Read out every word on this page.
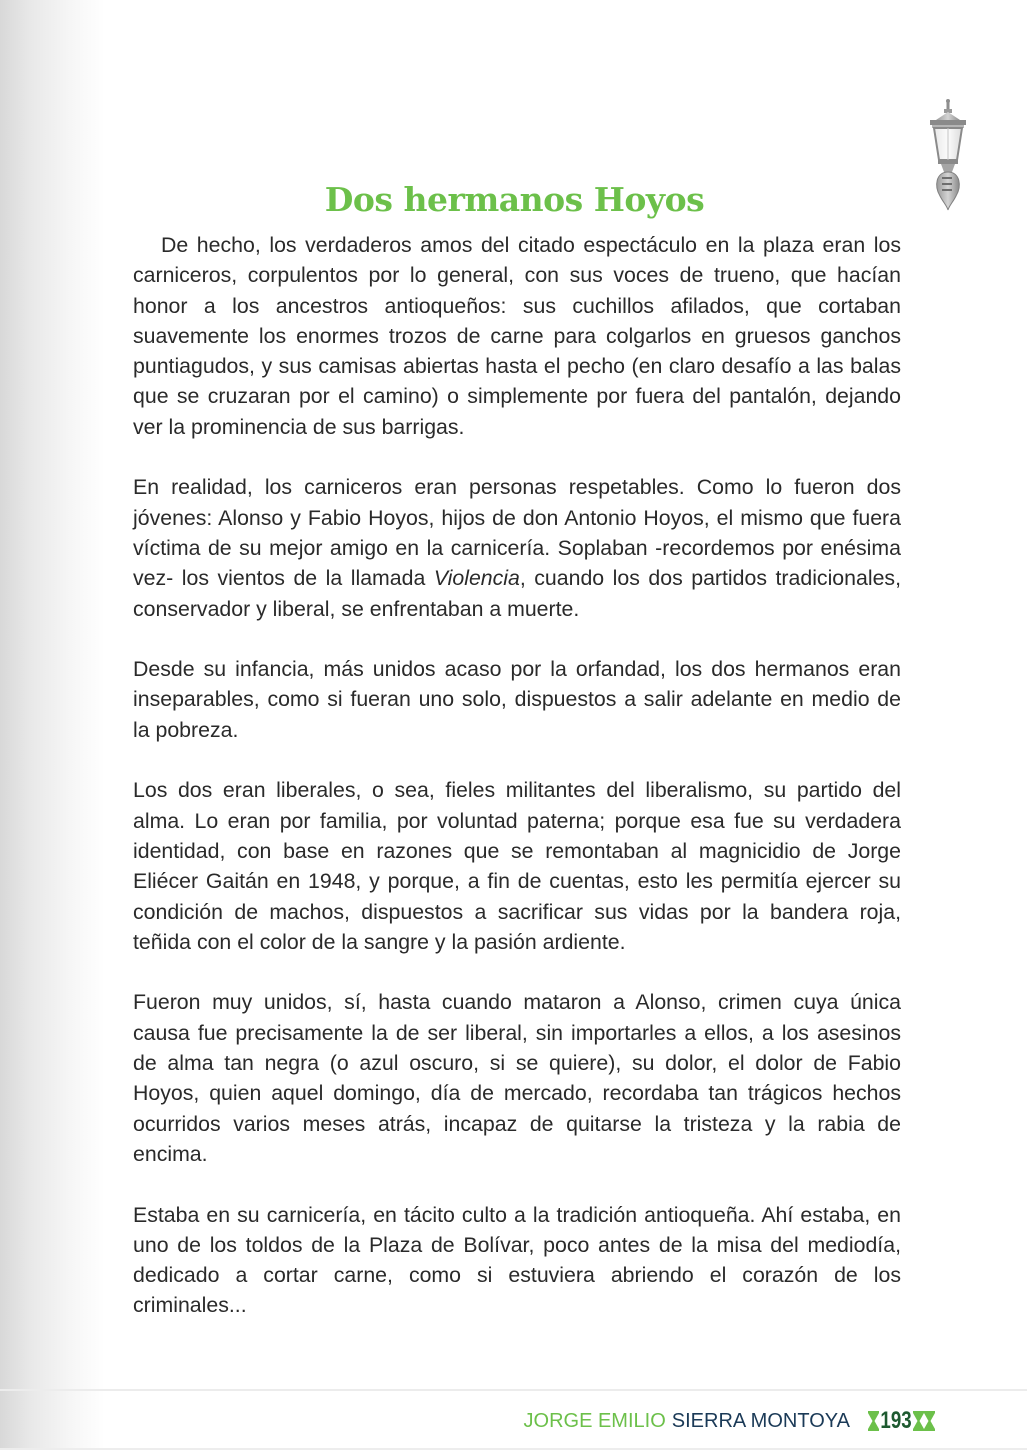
Dos hermanos Hoyos

De hecho, los verdaderos amos del citado espectáculo en la plaza eran los carniceros, corpulentos por lo general, con sus voces de trueno, que hacían honor a los ancestros antioqueños: sus cuchillos afilados, que cortaban suavemente los enormes trozos de carne para colgarlos en gruesos ganchos puntiagudos, y sus camisas abiertas hasta el pecho (en claro desafío a las balas que se cruzaran por el camino) o simplemente por fuera del pantalón, dejando ver la prominencia de sus barrigas.

En realidad, los carniceros eran personas respetables. Como lo fueron dos jóvenes: Alonso y Fabio Hoyos, hijos de don Antonio Hoyos, el mismo que fuera víctima de su mejor amigo en la carnicería. Soplaban -recordemos por enésima vez- los vientos de la llamada Violencia, cuando los dos partidos tradicionales, conservador y liberal, se enfrentaban a muerte.

Desde su infancia, más unidos acaso por la orfandad, los dos hermanos eran inseparables, como si fueran uno solo, dispuestos a salir adelante en medio de la pobreza.

Los dos eran liberales, o sea, fieles militantes del liberalismo, su partido del alma. Lo eran por familia, por voluntad paterna; porque esa fue su verdadera identidad, con base en razones que se remontaban al magnicidio de Jorge Eliécer Gaitán en 1948, y porque, a fin de cuentas, esto les permitía ejercer su condición de machos, dispuestos a sacrificar sus vidas por la bandera roja, teñida con el color de la sangre y la pasión ardiente.

Fueron muy unidos, sí, hasta cuando mataron a Alonso, crimen cuya única causa fue precisamente la de ser liberal, sin importarles a ellos, a los asesinos de alma tan negra (o azul oscuro, si se quiere), su dolor, el dolor de Fabio Hoyos, quien aquel domingo, día de mercado, recordaba tan trágicos hechos ocurridos varios meses atrás, incapaz de quitarse la tristeza y la rabia de encima.

Estaba en su carnicería, en tácito culto a la tradición antioqueña. Ahí estaba, en uno de los toldos de la Plaza de Bolívar, poco antes de la misa del mediodía, dedicado a cortar carne, como si estuviera abriendo el corazón de los criminales...

JORGE EMILIO SIERRA MONTOYA 193
